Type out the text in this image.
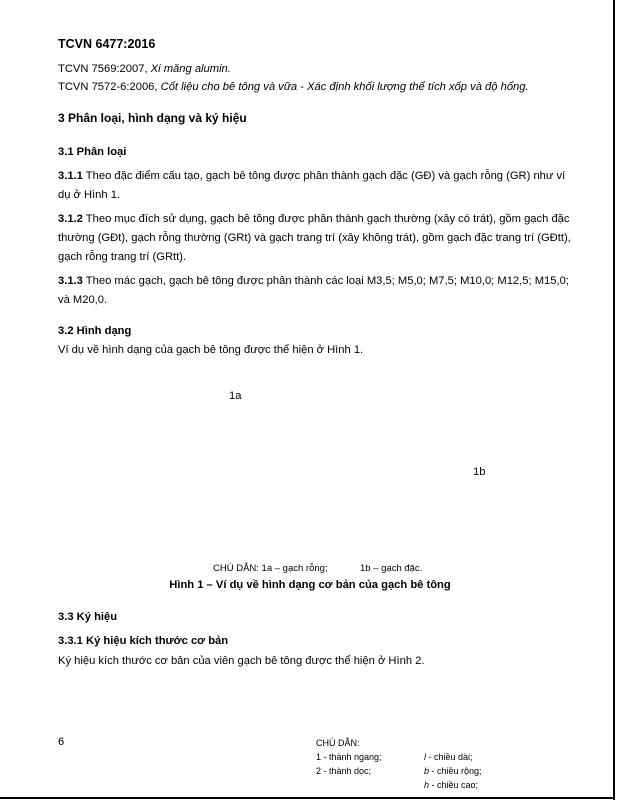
TCVN 6477:2016
TCVN 7569:2007, Xi măng alumin.
TCVN 7572-6:2006, Cốt liệu cho bê tông và vữa - Xác định khối lượng thể tích xốp và độ hổng.
3 Phân loại, hình dạng và ký hiệu
3.1 Phân loại
3.1.1 Theo đặc điểm cấu tạo, gạch bê tông được phân thành gạch đặc (GĐ) và gạch rỗng (GR) như ví dụ ở Hình 1.
3.1.2 Theo mục đích sử dụng, gạch bê tông được phân thành gạch thường (xây có trát), gồm gạch đặc thường (GĐt), gạch rỗng thường (GRt) và gạch trang trí (xây không trát), gồm gạch đặc trang trí (GĐtt), gạch rỗng trang trí (GRtt).
3.1.3 Theo mác gạch, gạch bê tông được phân thành các loại M3,5; M5,0; M7,5; M10,0; M12,5; M15,0; và M20,0.
3.2 Hình dạng
Ví dụ về hình dạng của gạch bê tông được thể hiện ở Hình 1.
1a
1b
CHÚ DẪN: 1a – gạch rỗng;	1b – gạch đặc.
Hình 1 – Ví dụ về hình dạng cơ bản của gạch bê tông
3.3 Ký hiệu
3.3.1 Ký hiệu kích thước cơ bản
Ký hiệu kích thước cơ bản của viên gạch bê tông được thể hiện ở Hình 2.
6	CHÚ DẪN:
1 - thành ngang;
2 - thành dọc;
l - chiều dài;
b - chiều rộng;
h - chiều cao;
